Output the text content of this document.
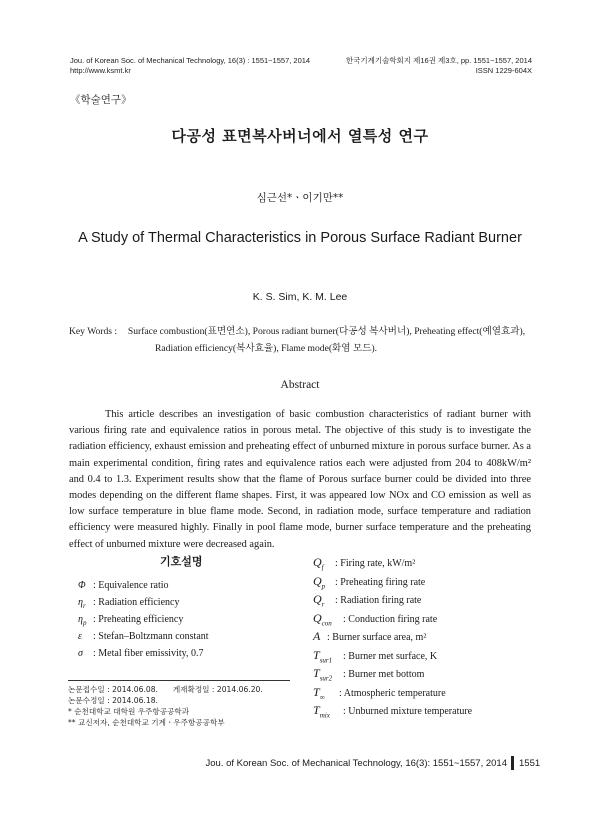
Jou. of Korean Soc. of Mechanical Technology, 16(3) : 1551~1557, 2014
http://www.ksmt.kr
한국기계기술학회지 제16권 제3호, pp. 1551~1557, 2014
ISSN 1229-604X
《학술연구》
다공성 표면복사버너에서 열특성 연구
심근선*ㆍ이기만**
A Study of Thermal Characteristics in Porous Surface Radiant Burner
K. S. Sim, K. M. Lee
Key Words : Surface combustion(표면연소), Porous radiant burner(다공성 복사버너), Preheating effect(예열효과),
Radiation efficiency(복사효율), Flame mode(화염 모드).
Abstract
This article describes an investigation of basic combustion characteristics of radiant burner with various firing rate and equivalence ratios in porous metal. The objective of this study is to investigate the radiation efficiency, exhaust emission and preheating effect of unburned mixture in porous surface burner. As a main experimental condition, firing rates and equivalence ratios each were adjusted from 204 to 408kW/m² and 0.4 to 1.3. Experiment results show that the flame of Porous surface burner could be divided into three modes depending on the different flame shapes. First, it was appeared low NOx and CO emission as well as low surface temperature in blue flame mode. Second, in radiation mode, surface temperature and radiation efficiency were measured highly. Finally in pool flame mode, burner surface temperature and the preheating effect of unburned mixture were decreased again.
기호설명
Φ : Equivalence ratio
$\eta_r$ : Radiation efficiency
$\eta_p$ : Preheating efficiency
ε : Stefan–Boltzmann constant
σ : Metal fiber emissivity, 0.7
$Q_f$ : Firing rate, kW/m²
$Q_p$ : Preheating firing rate
$Q_r$ : Radiation firing rate
$Q_{con}$ : Conduction firing rate
A : Burner surface area, m²
$T_{sur1}$ : Burner met surface, K
$T_{sur2}$ : Burner met bottom
$T_\infty$ : Atmospheric temperature
$T_{mix}$ : Unburned mixture temperature
논문접수일 : 2014.06.08. 게재확정일 : 2014.06.20.
논문수정일 : 2014.06.18.
* 순천대학교 대학원 우주항공공학과
** 교신저자, 순천대학교 기계ㆍ우주항공공학부
Jou. of Korean Soc. of Mechanical Technology, 16(3): 1551~1557, 2014 1551
